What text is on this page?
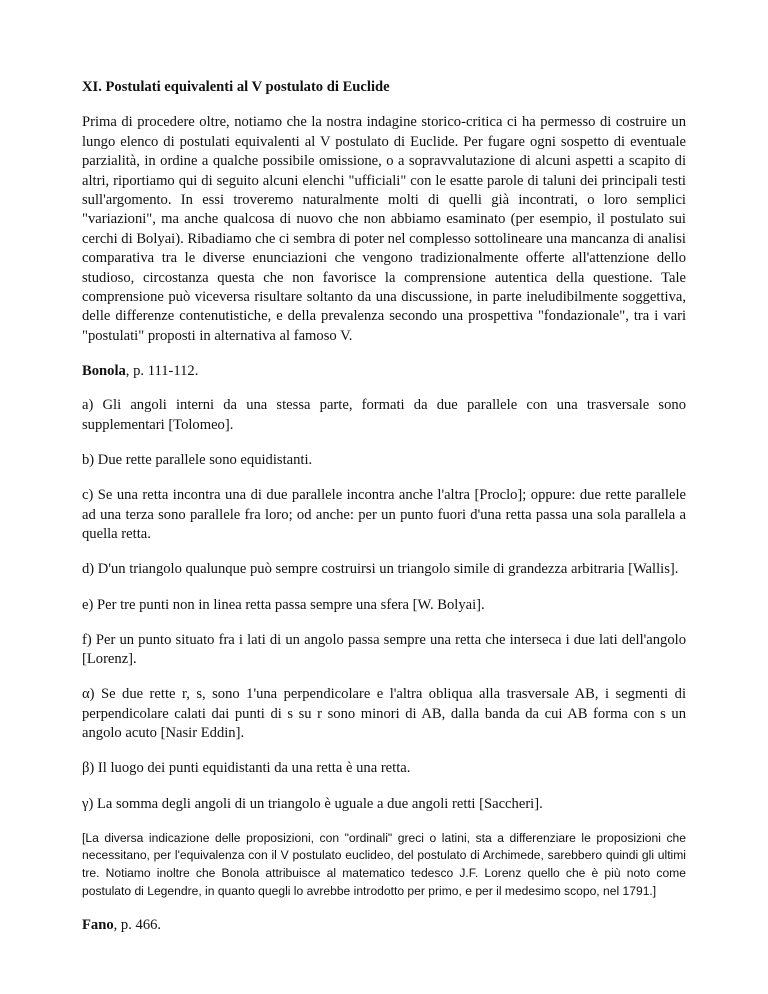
XI. Postulati equivalenti al V postulato di Euclide

Prima di procedere oltre, notiamo che la nostra indagine storico-critica ci ha permesso di costruire un lungo elenco di postulati equivalenti al V postulato di Euclide. Per fugare ogni sospetto di eventuale parzialità, in ordine a qualche possibile omissione, o a sopravvalutazione di alcuni aspetti a scapito di altri, riportiamo qui di seguito alcuni elenchi "ufficiali" con le esatte parole di taluni dei principali testi sull'argomento. In essi troveremo naturalmente molti di quelli già incontrati, o loro semplici "variazioni", ma anche qualcosa di nuovo che non abbiamo esaminato (per esempio, il postulato sui cerchi di Bolyai). Ribadiamo che ci sembra di poter nel complesso sottolineare una mancanza di analisi comparativa tra le diverse enunciazioni che vengono tradizionalmente offerte all'attenzione dello studioso, circostanza questa che non favorisce la comprensione autentica della questione. Tale comprensione può viceversa risultare soltanto da una discussione, in parte ineludibilmente soggettiva, delle differenze contenutistiche, e della prevalenza secondo una prospettiva "fondazionale", tra i vari "postulati" proposti in alternativa al famoso V.

Bonola, p. 111-112.

a) Gli angoli interni da una stessa parte, formati da due parallele con una trasversale sono supplementari [Tolomeo].

b) Due rette parallele sono equidistanti.

c) Se una retta incontra una di due parallele incontra anche l'altra [Proclo]; oppure: due rette parallele ad una terza sono parallele fra loro; od anche: per un punto fuori d'una retta passa una sola parallela a quella retta.

d) D'un triangolo qualunque può sempre costruirsi un triangolo simile di grandezza arbitraria [Wallis].

e) Per tre punti non in linea retta passa sempre una sfera [W. Bolyai].

f) Per un punto situato fra i lati di un angolo passa sempre una retta che interseca i due lati dell'angolo [Lorenz].

α) Se due rette r, s, sono 1'una perpendicolare e l'altra obliqua alla trasversale AB, i segmenti di perpendicolare calati dai punti di s su r sono minori di AB, dalla banda da cui AB forma con s un angolo acuto [Nasir Eddin].

β) Il luogo dei punti equidistanti da una retta è una retta.

γ) La somma degli angoli di un triangolo è uguale a due angoli retti [Saccheri].

[La diversa indicazione delle proposizioni, con "ordinali" greci o latini, sta a differenziare le proposizioni che necessitano, per l'equivalenza con il V postulato euclideo, del postulato di Archimede, sarebbero quindi gli ultimi tre. Notiamo inoltre che Bonola attribuisce al matematico tedesco J.F. Lorenz quello che è più noto come postulato di Legendre, in quanto quegli lo avrebbe introdotto per primo, e per il medesimo scopo, nel 1791.]

Fano, p. 466.
